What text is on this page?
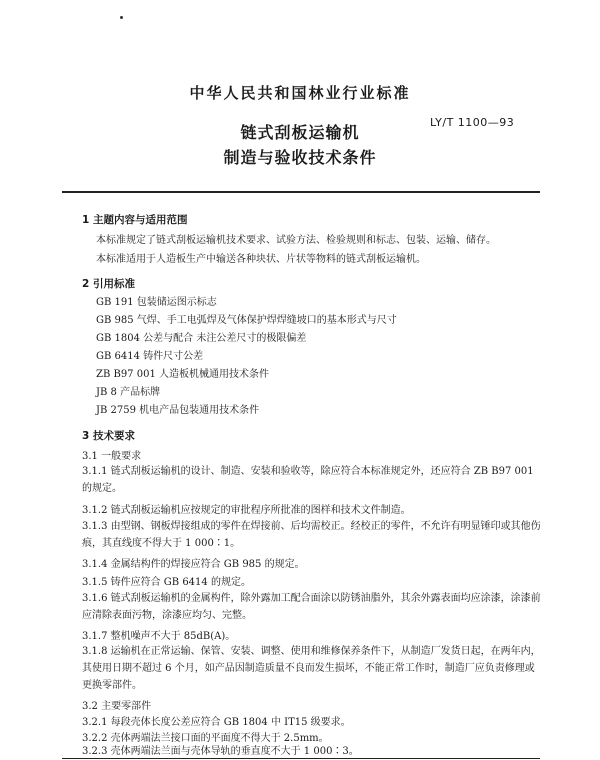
中华人民共和国林业行业标准
LY/T 1100—93
链式刮板运输机
制造与验收技术条件
1 主题内容与适用范围
本标准规定了链式刮板运输机技术要求、试验方法、检验规则和标志、包装、运输、储存。
本标准适用于人造板生产中输送各种块状、片状等物料的链式刮板运输机。
2 引用标准
GB 191 包装储运图示标志
GB 985 气焊、手工电弧焊及气体保护焊焊缝坡口的基本形式与尺寸
GB 1804 公差与配合 未注公差尺寸的极限偏差
GB 6414 铸件尺寸公差
ZB B97 001 人造板机械通用技术条件
JB 8 产品标牌
JB 2759 机电产品包装通用技术条件
3 技术要求
3.1 一般要求
3.1.1 链式刮板运输机的设计、制造、安装和验收等，除应符合本标准规定外，还应符合 ZB B97 001 的规定。
3.1.2 链式刮板运输机应按规定的审批程序所批准的图样和技术文件制造。
3.1.3 由型钢、钢板焊接组成的零件在焊接前、后均需校正。经校正的零件，不允许有明显锤印或其他伤痕，其直线度不得大于 1 000∶1。
3.1.4 金属结构件的焊接应符合 GB 985 的规定。
3.1.5 铸件应符合 GB 6414 的规定。
3.1.6 链式刮板运输机的金属构件，除外露加工配合面涂以防锈油脂外，其余外露表面均应涂漆，涂漆前应清除表面污物，涂漆应均匀、完整。
3.1.7 整机噪声不大于 85dB(A)。
3.1.8 运输机在正常运输、保管、安装、调整、使用和维修保养条件下，从制造厂发货日起，在两年内，其使用日期不超过 6 个月，如产品因制造质量不良而发生损坏，不能正常工作时，制造厂应负责修理或更换零部件。
3.2 主要零部件
3.2.1 每段壳体长度公差应符合 GB 1804 中 IT15 级要求。
3.2.2 壳体两端法兰接口面的平面度不得大于 2.5mm。
3.2.3 壳体两端法兰面与壳体导轨的垂直度不大于 1 000∶3。
